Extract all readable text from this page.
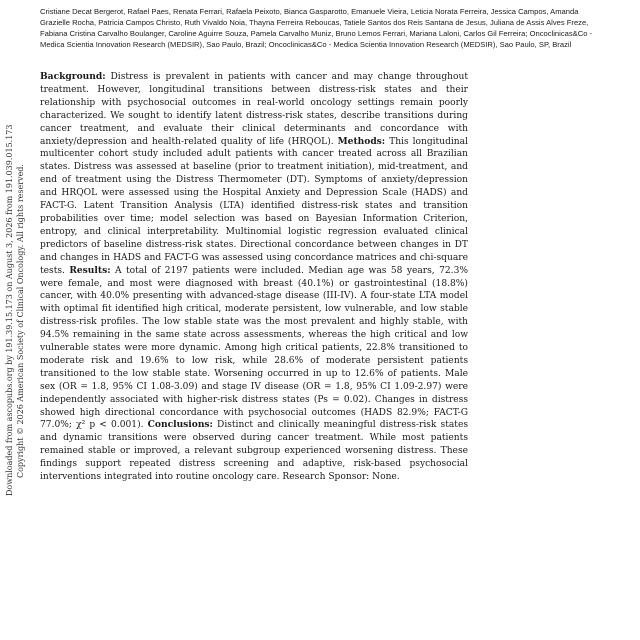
Cristiane Decat Bergerot, Rafael Paes, Renata Ferrari, Rafaela Peixoto, Bianca Gasparotto, Emanuele Vieira, Leticia Norata Ferreira, Jessica Campos, Amanda Grazielle Rocha, Patricia Campos Christo, Ruth Vivaldo Noia, Thayna Ferreira Reboucas, Tatiele Santos dos Reis Santana de Jesus, Juliana de Assis Alves Freze, Fabiana Cristina Carvalho Boulanger, Caroline Aguirre Souza, Pamela Carvalho Muniz, Bruno Lemos Ferrari, Mariana Laloni, Carlos Gil Ferreira; Oncoclinicas&Co - Medica Scientia Innovation Research (MEDSIR), Sao Paulo, Brazil; Oncoclinicas&Co - Medica Scientia Innovation Research (MEDSIR), Sao Paulo, SP, Brazil

Background: Distress is prevalent in patients with cancer and may change throughout treatment. However, longitudinal transitions between distress-risk states and their relationship with psychosocial outcomes in real-world oncology settings remain poorly characterized. We sought to identify latent distress-risk states, describe transitions during cancer treatment, and evaluate their clinical determinants and concordance with anxiety/depression and health-related quality of life (HRQOL). Methods: This longitudinal multicenter cohort study included adult patients with cancer treated across all Brazilian states. Distress was assessed at baseline (prior to treatment initiation), mid-treatment, and end of treatment using the Distress Thermometer (DT). Symptoms of anxiety/depression and HRQOL were assessed using the Hospital Anxiety and Depression Scale (HADS) and FACT-G. Latent Transition Analysis (LTA) identified distress-risk states and transition probabilities over time; model selection was based on Bayesian Information Criterion, entropy, and clinical interpretability. Multinomial logistic regression evaluated clinical predictors of baseline distress-risk states. Directional concordance between changes in DT and changes in HADS and FACT-G was assessed using concordance matrices and chi-square tests. Results: A total of 2197 patients were included. Median age was 58 years, 72.3% were female, and most were diagnosed with breast (40.1%) or gastrointestinal (18.8%) cancer, with 40.0% presenting with advanced-stage disease (III-IV). A four-state LTA model with optimal fit identified high critical, moderate persistent, low vulnerable, and low stable distress-risk profiles. The low stable state was the most prevalent and highly stable, with 94.5% remaining in the same state across assessments, whereas the high critical and low vulnerable states were more dynamic. Among high critical patients, 22.8% transitioned to moderate risk and 19.6% to low risk, while 28.6% of moderate persistent patients transitioned to the low stable state. Worsening occurred in up to 12.6% of patients. Male sex (OR = 1.8, 95% CI 1.08-3.09) and stage IV disease (OR = 1.8, 95% CI 1.09-2.97) were independently associated with higher-risk distress states (Ps = 0.02). Changes in distress showed high directional concordance with psychosocial outcomes (HADS 82.9%; FACT-G 77.0%; χ² p < 0.001). Conclusions: Distinct and clinically meaningful distress-risk states and dynamic transitions were observed during cancer treatment. While most patients remained stable or improved, a relevant subgroup experienced worsening distress. These findings support repeated distress screening and adaptive, risk-based psychosocial interventions integrated into routine oncology care. Research Sponsor: None.

Downloaded from ascopubs.org by 191.39.15.173 on August 3, 2026 from 191.039.015.173 Copyright © 2026 American Society of Clinical Oncology. All rights reserved.
